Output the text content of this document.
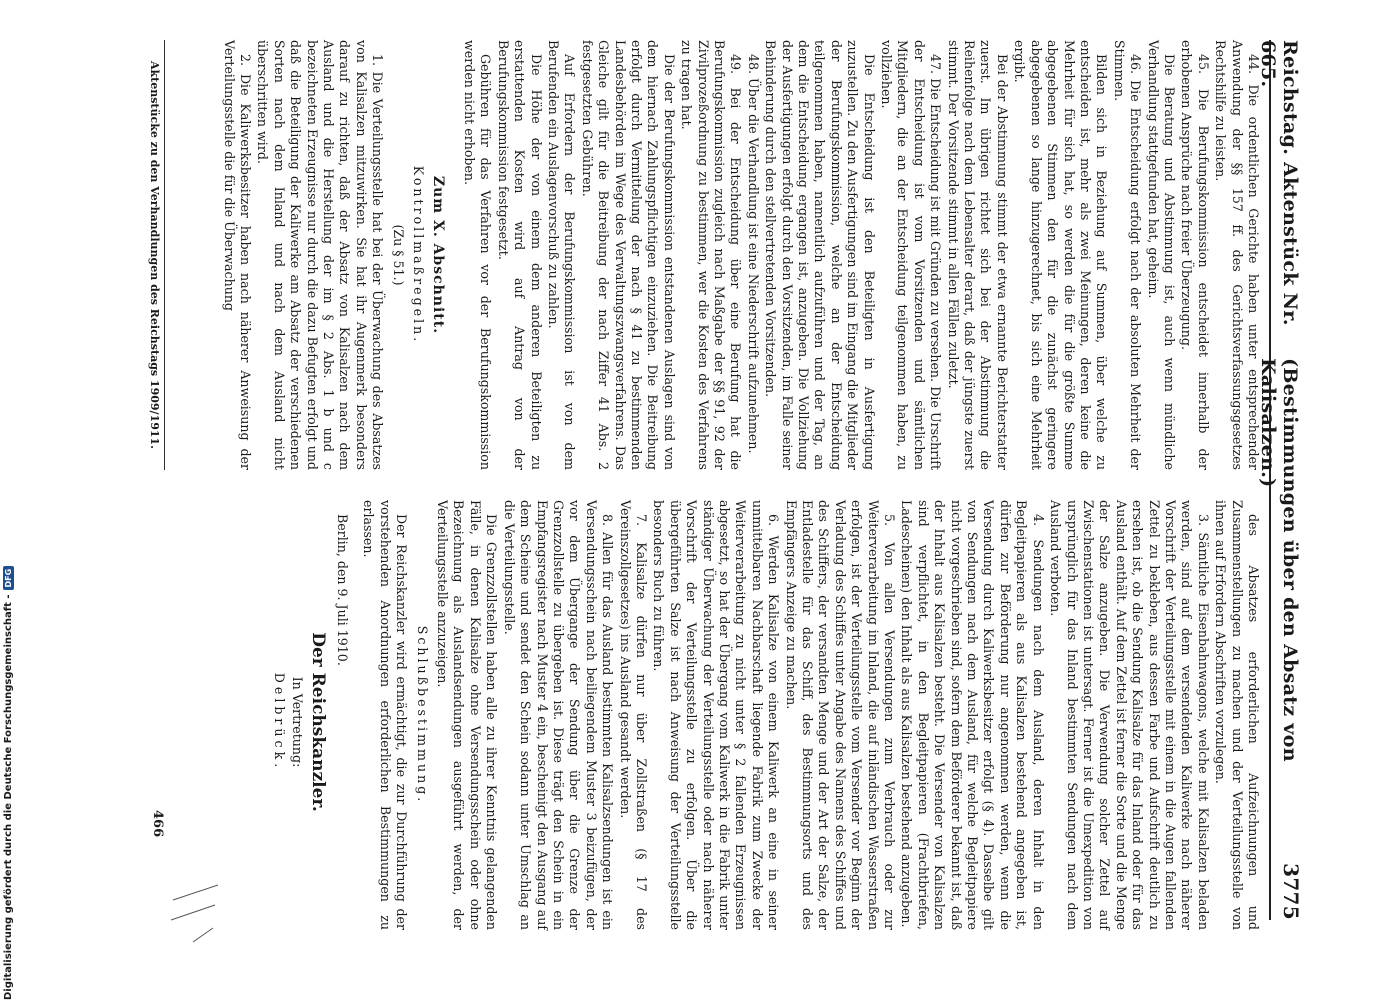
Reichstag. Aktenstück Nr. 665.
(Bestimmungen über den Absatz von Kalisalzen.)
3775

44. Die ordentlichen Gerichte haben unter entsprechender Anwendung der §§ 157 ff. des Gerichtsverfassungsgesetzes Rechtshilfe zu leisten.

45. Die Berufungskommission entscheidet innerhalb der erhobenen Ansprüche nach freier Überzeugung.

Die Beratung und Abstimmung ist, auch wenn mündliche Verhandlung stattgefunden hat, geheim.

46. Die Entscheidung erfolgt nach der absoluten Mehrheit der Stimmen.

Bilden sich in Beziehung auf Summen, über welche zu entscheiden ist, mehr als zwei Meinungen, deren keine die Mehrheit für sich hat, so werden die für die größte Summe abgegebenen Stimmen den für die zunächst geringere abgegebenen so lange hinzugerechnet, bis sich eine Mehrheit ergibt.

Bei der Abstimmung stimmt der etwa ernannte Berichterstatter zuerst. Im übrigen richtet sich bei der Abstimmung die Reihenfolge nach dem Lebensalter derart, daß der jüngste zuerst stimmt. Der Vorsitzende stimmt in allen Fällen zuletzt.

47. Die Entscheidung ist mit Gründen zu versehen. Die Urschrift der Entscheidung ist vom Vorsitzenden und sämtlichen Mitgliedern, die an der Entscheidung teilgenommen haben, zu vollziehen.

Die Entscheidung ist den Beteiligten in Ausfertigung zuzustellen. Zu den Ausfertigungen sind im Eingang die Mitglieder der Berufungskommission, welche an der Entscheidung teilgenommen haben, namentlich aufzuführen und der Tag, an dem die Entscheidung ergangen ist, anzugeben. Die Vollziehung der Ausfertigungen erfolgt durch den Vorsitzenden, im Falle seiner Behinderung durch den stellvertretenden Vorsitzenden.

48. Über die Verhandlung ist eine Niederschrift aufzunehmen.

49. Bei der Entscheidung über eine Berufung hat die Berufungskommission zugleich nach Maßgabe der §§ 91, 92 der Zivilprozeßordnung zu bestimmen, wer die Kosten des Verfahrens zu tragen hat.

Die der Berufungskommission entstandenen Auslagen sind von dem hiernach Zahlungspflichtigen einzuziehen. Die Beitreibung erfolgt durch Vermittelung der nach § 41 zu bestimmenden Landesbehörden im Wege des Verwaltungszwangsverfahrens. Das Gleiche gilt für die Beitreibung der nach Ziffer 41 Abs. 2 festgesetzten Gebühren.

Auf Erfordern der Berufungskommission ist von dem Berufenden ein Auslagenvorschuß zu zahlen.

Die Höhe der von einem dem anderen Beteiligten zu erstattenden Kosten wird auf Antrag von der Berufungskommission festgesetzt.

Gebühren für das Verfahren vor der Berufungskommission werden nicht erhoben.

Zum X. Abschnitt.

Kontrollmaßregeln.

(Zu § 51.)

1. Die Verteilungsstelle hat bei der Überwachung des Absatzes von Kalisalzen mitzuwirken. Sie hat ihr Augenmerk besonders darauf zu richten, daß der Absatz von Kalisalzen nach dem Ausland und die Herstellung der im § 2 Abs. 1 b und c bezeichneten Erzeugnisse nur durch die dazu Befugten erfolgt und daß die Beteiligung der Kaliwerke am Absatz der verschiedenen Sorten nach dem Inland und nach dem Ausland nicht überschritten wird.

2. Die Kaliwerksbesitzer haben nach näherer Anweisung der Verteilungsstelle die für die Überwachung

Aktenstücke zu den Verhandlungen des Reichstags 1909/1911.

des Absatzes erforderlichen Aufzeichnungen und Zusammenstellungen zu machen und der Verteilungsstelle von ihnen auf Erfordern Abschriften vorzulegen.

3. Sämtliche Eisenbahnwagons, welche mit Kalisalzen beladen werden, sind auf dem versendenden Kaliwerke nach näherer Vorschrift der Verteilungsstelle mit einem in die Augen fallenden Zettel zu bekleben, aus dessen Farbe und Aufschrift deutlich zu ersehen ist, ob die Sendung Kalisalze für das Inland oder für das Ausland enthält. Auf dem Zettel ist ferner die Sorte und die Menge der Salze anzugeben. Die Verwendung solcher Zettel auf Zwischenstationen ist untersagt. Ferner ist die Umexpedition von ursprünglich für das Inland bestimmten Sendungen nach dem Ausland verboten.

4. Sendungen nach dem Ausland, deren Inhalt in den Begleitpapieren als aus Kalisalzen bestehend angegeben ist, dürfen zur Beförderung nur angenommen werden, wenn die Versendung durch Kaliwerksbesitzer erfolgt (§ 4). Dasselbe gilt von Sendungen nach dem Ausland, für welche Begleitpapiere nicht vorgeschrieben sind, sofern dem Beförderer bekannt ist, daß der Inhalt aus Kalisalzen besteht. Die Versender von Kalisalzen sind verpflichtet, in den Begleitpapieren (Frachtbriefen, Ladescheinen) den Inhalt als aus Kalisalzen bestehend anzugeben.

5. Von allen Versendungen zum Verbrauch oder zur Weiterverarbeitung im Inland, die auf inländischen Wasserstraßen erfolgen, ist der Verteilungsstelle vom Versender vor Beginn der Verladung des Schiffes unter Angabe des Namens des Schiffes und des Schiffers, der versandten Menge und der Art der Salze, der Entladestelle für das Schiff, des Bestimmungsorts und des Empfängers Anzeige zu machen.

6. Werden Kalisalze von einem Kaliwerk an eine in seiner unmittelbaren Nachbarschaft liegende Fabrik zum Zwecke der Weiterverarbeitung zu nicht unter § 2 fallenden Erzeugnissen abgesetzt, so hat der Übergang vom Kaliwerk in die Fabrik unter ständiger Überwachung der Verteilungsstelle oder nach näherer Vorschrift der Verteilungsstelle zu erfolgen. Über die übergeführten Salze ist nach Anweisung der Verteilungsstelle besonders Buch zu führen.

7. Kalisalze dürfen nur über Zollstraßen (§ 17 des Vereinszollgesetzes) ins Ausland gesandt werden.

8. Allen für das Ausland bestimmten Kalisalzsendungen ist ein Versendungsschein nach beiliegendem Muster 3 beizufügen, der vor dem Übergange der Sendung über die Grenze der Grenzzollstelle zu übergeben ist. Diese trägt den Schein in ein Empfangsregister nach Muster 4 ein, bescheinigt den Ausgang auf dem Scheine und sendet den Schein sodann unter Umschlag an die Verteilungsstelle.

Die Grenzzollstellen haben alle zu ihrer Kenntnis gelangenden Fälle, in denen Kalisalze ohne Versendungsschein oder ohne Bezeichnung als Auslandsendungen ausgeführt werden, der Verteilungsstelle anzuzeigen.

Schlußbestimmung.

Der Reichskanzler wird ermächtigt, die zur Durchführung der vorstehenden Anordnungen erforderlichen Bestimmungen zu erlassen.

Berlin, den 9. Juli 1910.

Der Reichskanzler.

In Vertretung:

Delbrück.

466
Digitalisierung gefördert durch die Deutsche Forschungsgemeinschaft -
DFG
